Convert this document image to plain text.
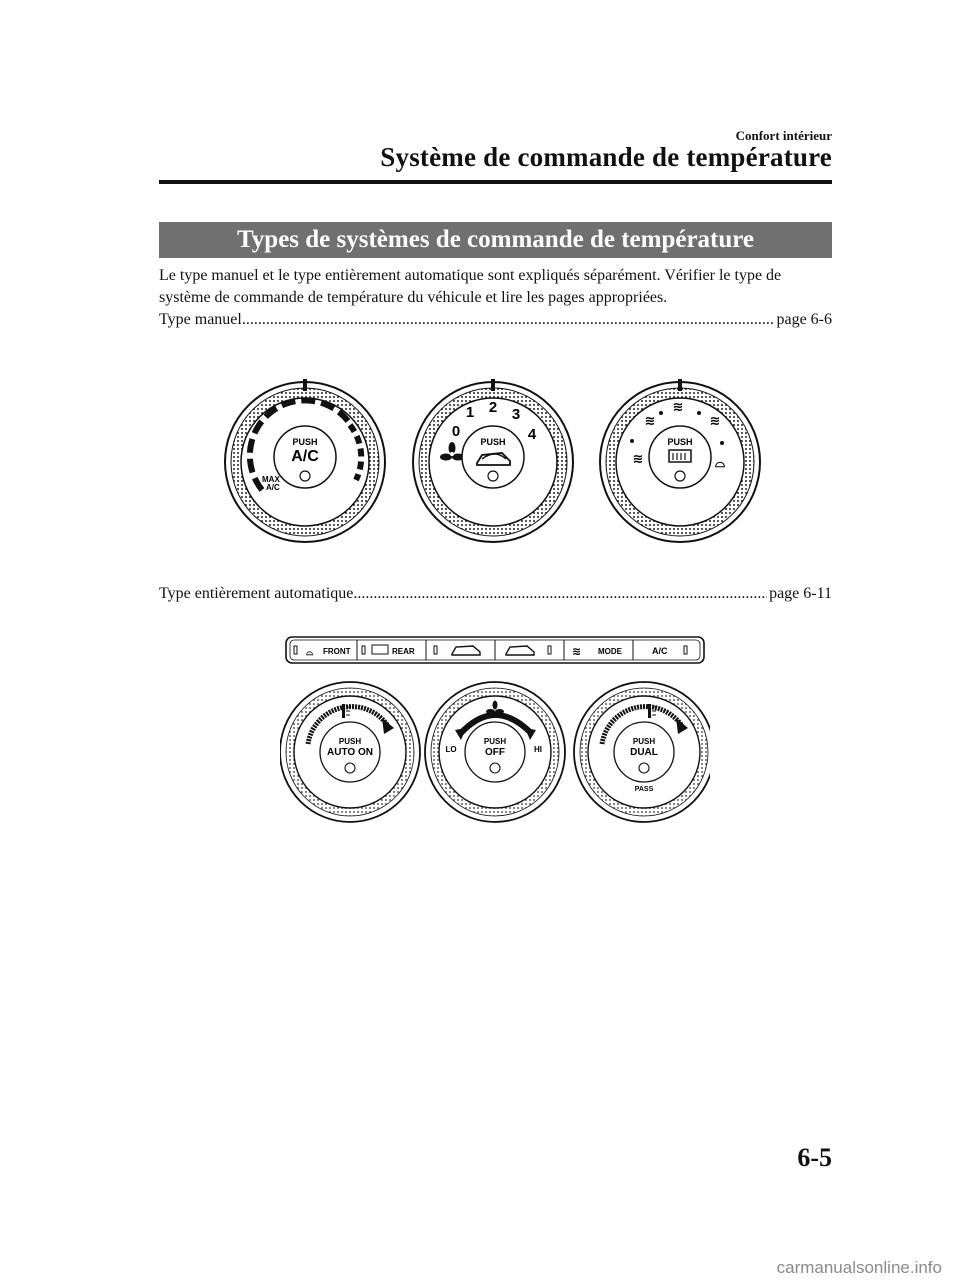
Confort intérieur
Système de commande de température
Types de systèmes de commande de température
Le type manuel et le type entièrement automatique sont expliqués séparément. Vérifier le type de système de commande de température du véhicule et lire les pages appropriées.
Type manuel .....	page 6-6
PUSH
A/C
MAX
A/C
0
1 2 3
4
PUSH
≋
≋
≋
≋	⌓
PUSH
Type entièrement automatique .....	page 6-11
⌓ FRONT	REAR	≋ MODE	A/C
PUSH
AUTO ON	LO	HI
PUSH
OFF
PUSH
DUAL
PASS
6-5
carmanualsonline.info
